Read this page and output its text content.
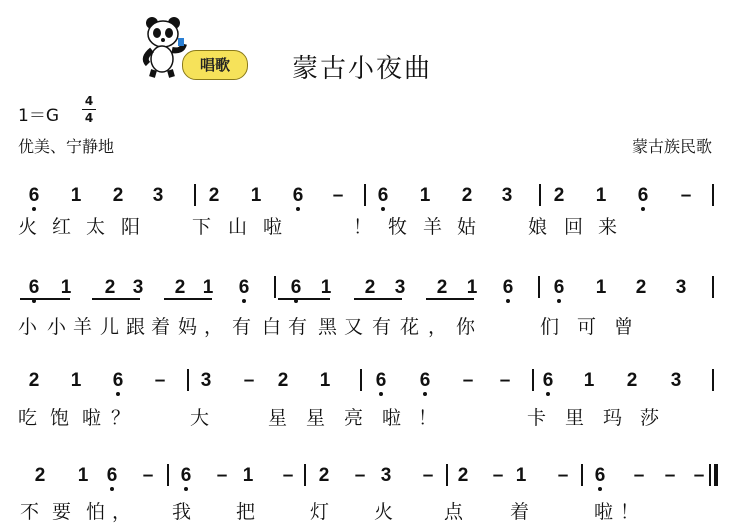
唱歌	蒙古小夜曲
1＝G
4
4
优美、宁静地	蒙古族民歌
6 1 2 3 2 1 6 – 6 1 2 3 2 1 6 –
6 1 2 3 2 1 6 6 1 2 3 2 1 6 6 1 2 3
2 1 6 – 3 – 2 1 6 6 – – 6 1 2 3
2 1 6 – 6 – 1 – 2 – 3 – 2 – 1 – 6 – – –
火 红 太 阳	下 山 啦	！ 牧 羊 姑	娘 回 来
小 小 羊 儿 跟 着 妈 ， 有 白 有 黑 又 有 花 ， 你	们 可 曾
吃 饱 啦 ？	大	星 星 亮 啦 ！	卡 里 玛 莎
不 要 怕 ， 我 把	灯 火	点 着	啦 ！
